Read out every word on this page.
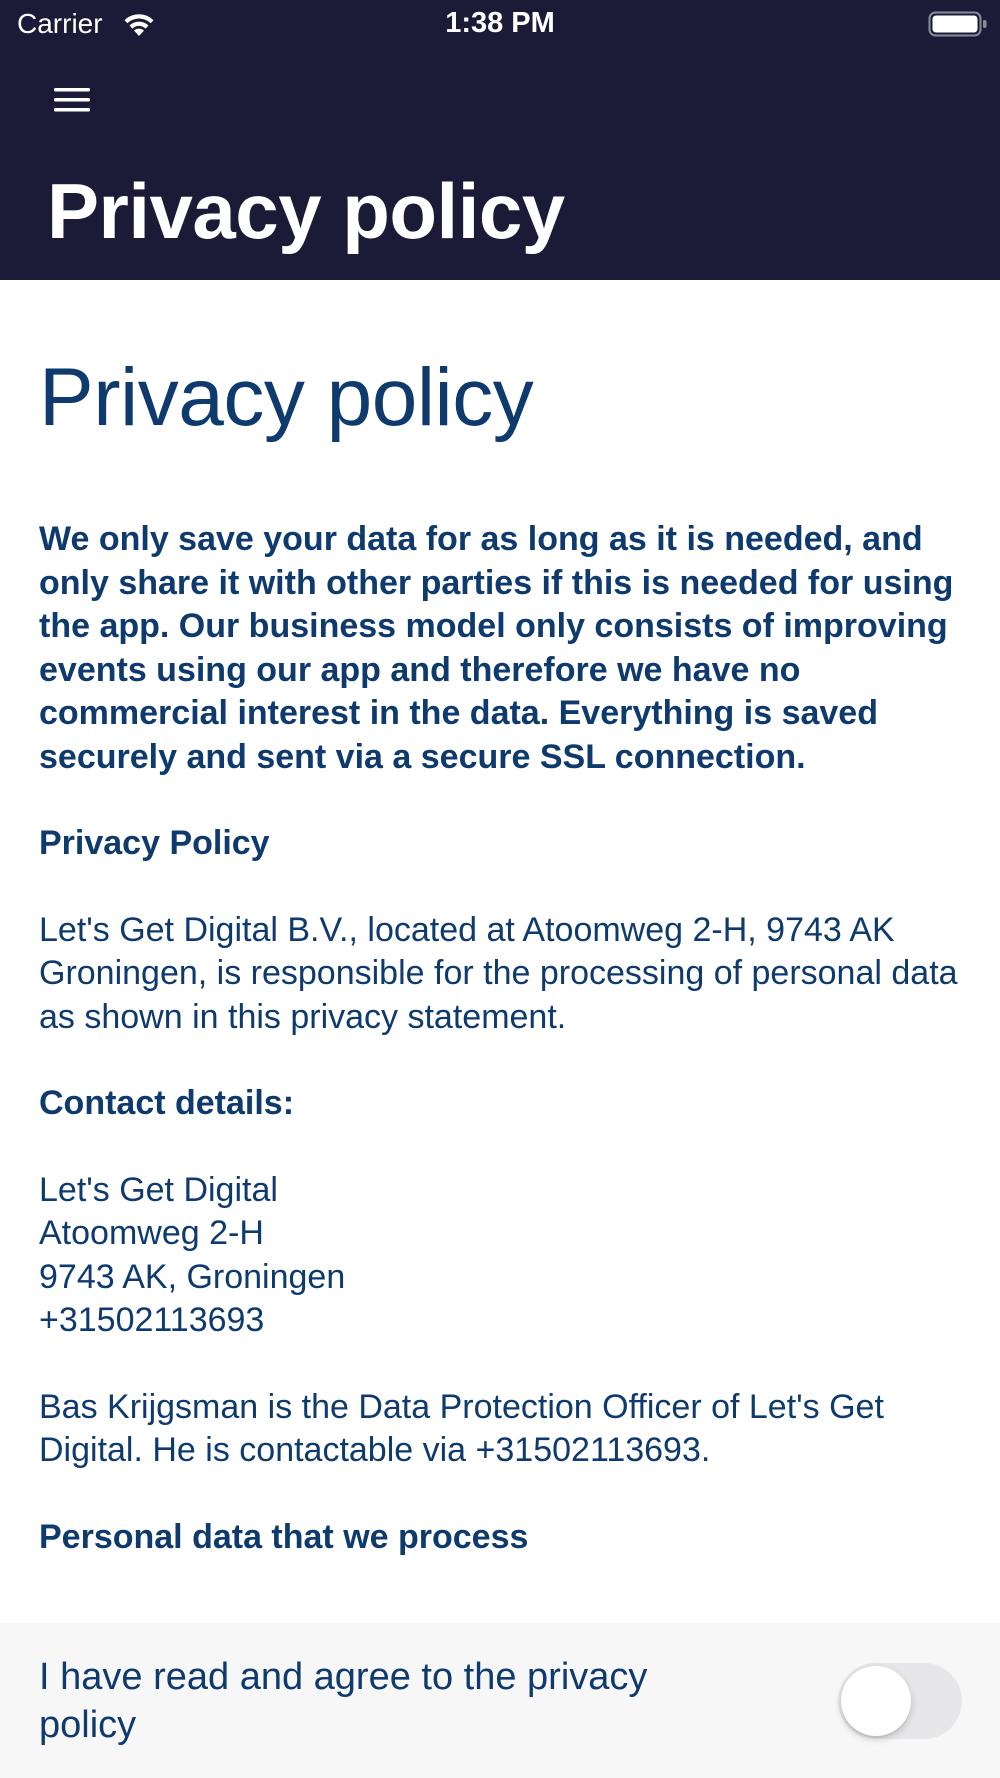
Carrier	1:38 PM
Privacy policy
Privacy policy

We only save your data for as long as it is needed, and only share it with other parties if this is needed for using the app. Our business model only consists of improving events using our app and therefore we have no commercial interest in the data. Everything is saved securely and sent via a secure SSL connection.

Privacy Policy

Let's Get Digital B.V., located at Atoomweg 2-H, 9743 AK Groningen, is responsible for the processing of personal data as shown in this privacy statement.

Contact details:

Let's Get Digital
Atoomweg 2-H
9743 AK, Groningen
+31502113693

Bas Krijgsman is the Data Protection Officer of Let's Get Digital. He is contactable via +31502113693.

Personal data that we process
I have read and agree to the privacy policy
